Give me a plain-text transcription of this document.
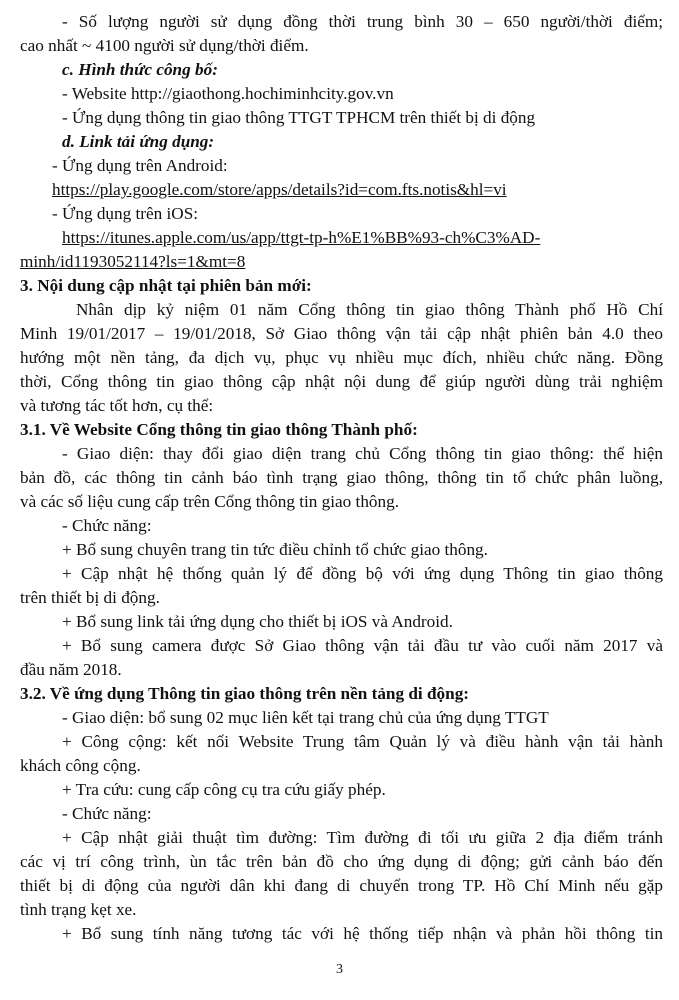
- Số lượng người sử dụng đồng thời trung bình 30 – 650 người/thời điểm;
cao nhất ~ 4100 người sử dụng/thời điểm.
c. Hình thức công bố:
- Website http://giaothong.hochiminhcity.gov.vn
- Ứng dụng thông tin giao thông TTGT TPHCM trên thiết bị di động
d. Link tải ứng dụng:
- Ứng dụng trên Android:
https://play.google.com/store/apps/details?id=com.fts.notis&hl=vi
- Ứng dụng trên iOS:
https://itunes.apple.com/us/app/ttgt-tp-h%E1%BB%93-ch%C3%AD-
minh/id1193052114?ls=1&mt=8
3. Nội dung cập nhật tại phiên bản mới:
Nhân dịp kỷ niệm 01 năm Cổng thông tin giao thông Thành phố Hồ Chí
Minh 19/01/2017 – 19/01/2018, Sở Giao thông vận tải cập nhật phiên bản 4.0 theo
hướng một nền tảng, đa dịch vụ, phục vụ nhiều mục đích, nhiều chức năng. Đồng
thời, Cổng thông tin giao thông cập nhật nội dung để giúp người dùng trải nghiệm
và tương tác tốt hơn, cụ thể:
3.1. Về Website Cổng thông tin giao thông Thành phố:
- Giao diện: thay đổi giao diện trang chủ Cổng thông tin giao thông: thể hiện
bản đồ, các thông tin cảnh báo tình trạng giao thông, thông tin tổ chức phân luồng,
và các số liệu cung cấp trên Cổng thông tin giao thông.
- Chức năng:
+ Bổ sung chuyên trang tin tức điều chỉnh tổ chức giao thông.
+ Cập nhật hệ thống quản lý để đồng bộ với ứng dụng Thông tin giao thông
trên thiết bị di động.
+ Bổ sung link tải ứng dụng cho thiết bị iOS và Android.
+ Bổ sung camera được Sở Giao thông vận tải đầu tư vào cuối năm 2017 và
đầu năm 2018.
3.2. Về ứng dụng Thông tin giao thông trên nền tảng di động:
- Giao diện: bổ sung 02 mục liên kết tại trang chủ của ứng dụng TTGT
+ Công cộng: kết nối Website Trung tâm Quản lý và điều hành vận tải hành
khách công cộng.
+ Tra cứu: cung cấp công cụ tra cứu giấy phép.
- Chức năng:
+ Cập nhật giải thuật tìm đường: Tìm đường đi tối ưu giữa 2 địa điểm tránh
các vị trí công trình, ùn tắc trên bản đồ cho ứng dụng di động; gửi cảnh báo đến
thiết bị di động của người dân khi đang di chuyển trong TP. Hồ Chí Minh nếu gặp
tình trạng kẹt xe.
+ Bổ sung tính năng tương tác với hệ thống tiếp nhận và phản hồi thông tin
3
